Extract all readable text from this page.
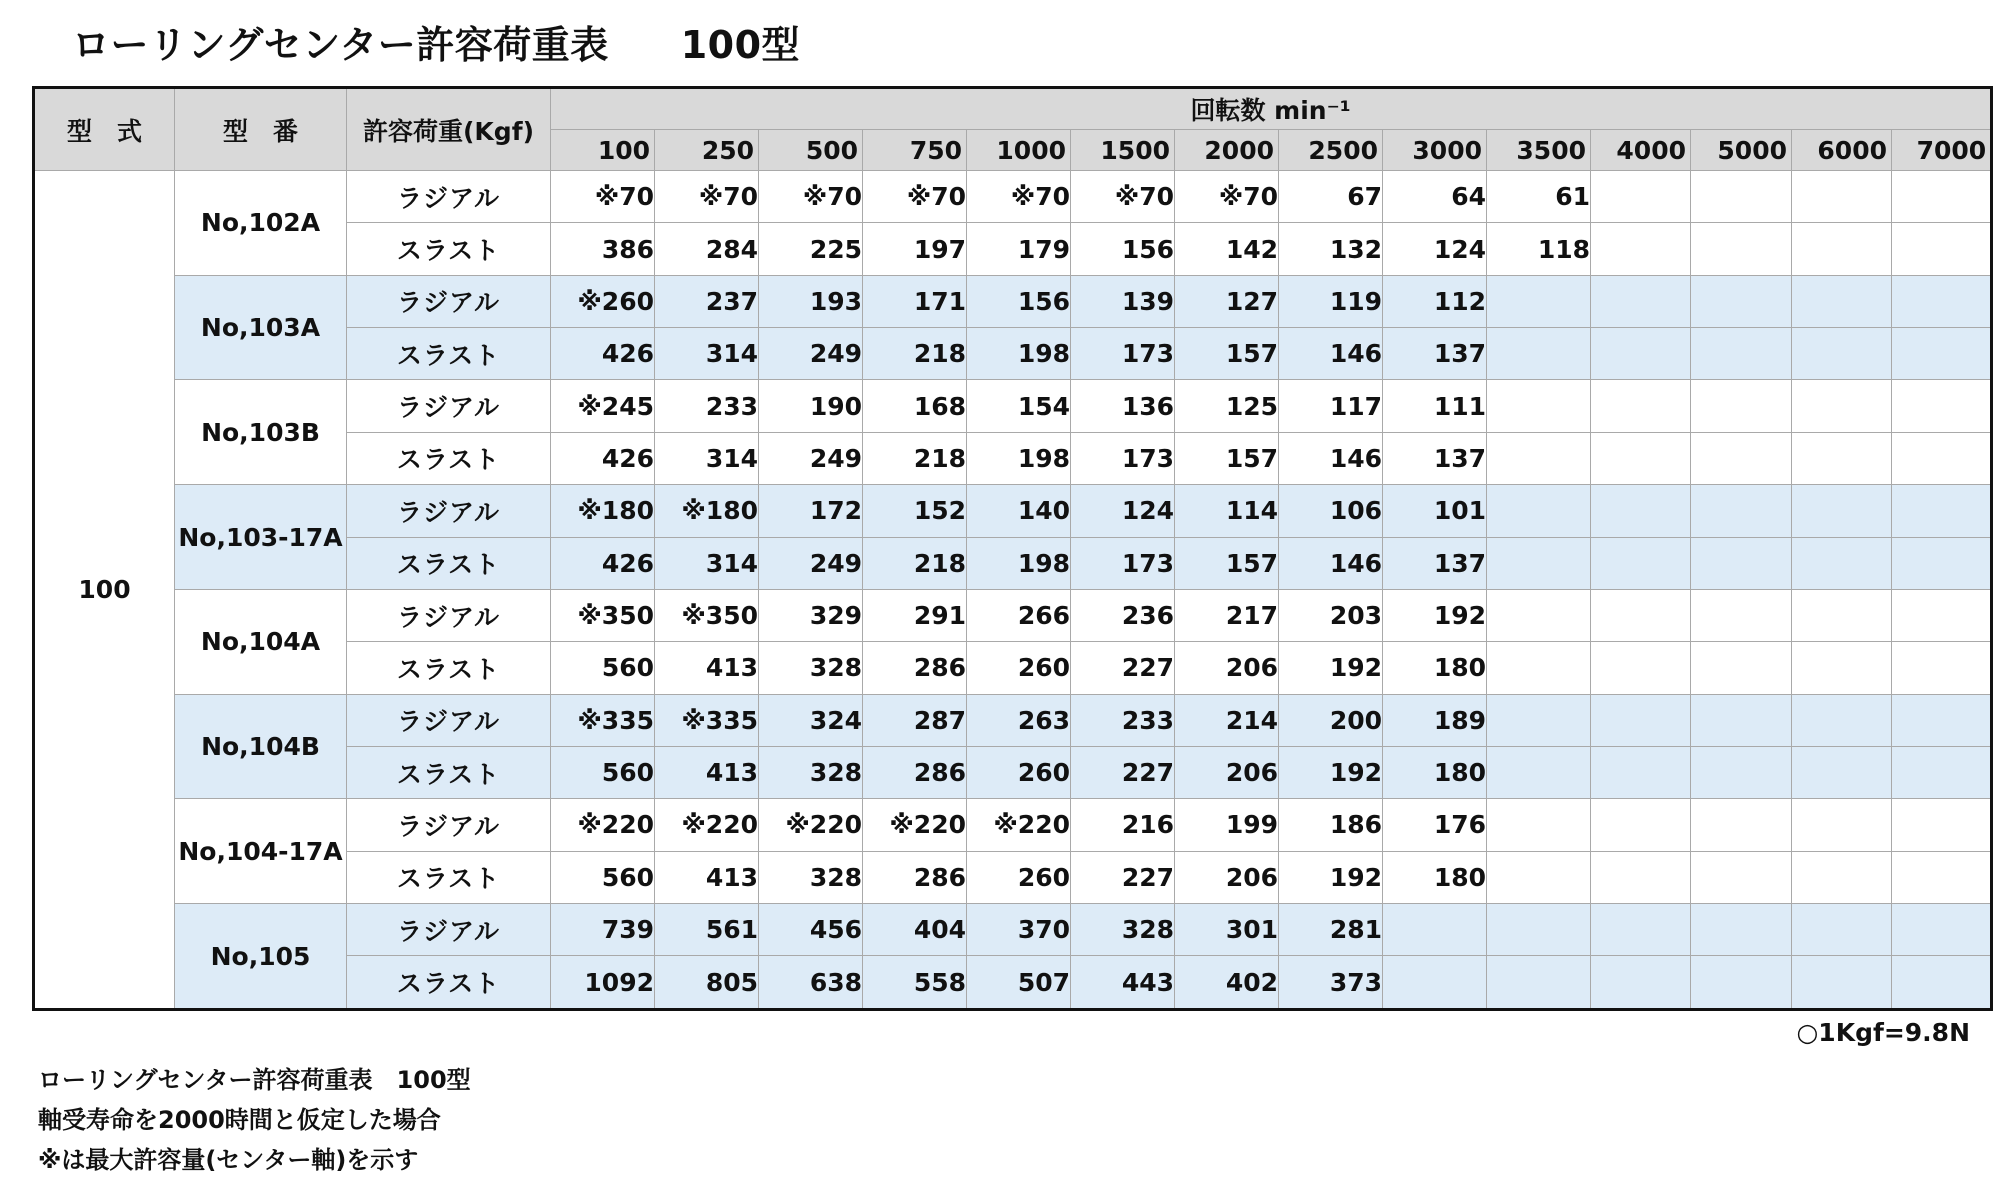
ローリングセンター許容荷重表 100型
型　式	型　番	許容荷重(Kgf)	回転数 min⁻¹													
			100	250	500	750	1000	1500	2000	2500	3000	3500	4000	5000	6000	7000
100	No,102A	ラジアル	※70	※70	※70	※70	※70	※70	※70	67	64	61				
		スラスト	386	284	225	197	179	156	142	132	124	118				
	No,103A	ラジアル	※260	237	193	171	156	139	127	119	112					
		スラスト	426	314	249	218	198	173	157	146	137					
	No,103B	ラジアル	※245	233	190	168	154	136	125	117	111					
		スラスト	426	314	249	218	198	173	157	146	137					
	No,103-17A	ラジアル	※180	※180	172	152	140	124	114	106	101					
		スラスト	426	314	249	218	198	173	157	146	137					
	No,104A	ラジアル	※350	※350	329	291	266	236	217	203	192					
		スラスト	560	413	328	286	260	227	206	192	180					
	No,104B	ラジアル	※335	※335	324	287	263	233	214	200	189					
		スラスト	560	413	328	286	260	227	206	192	180					
	No,104-17A	ラジアル	※220	※220	※220	※220	※220	216	199	186	176					
		スラスト	560	413	328	286	260	227	206	192	180					
	No,105	ラジアル	739	561	456	404	370	328	301	281						
		スラスト	1092	805	638	558	507	443	402	373						
○1Kgf=9.8N
ローリングセンター許容荷重表　100型
軸受寿命を2000時間と仮定した場合
※は最大許容量(センター軸)を示す
